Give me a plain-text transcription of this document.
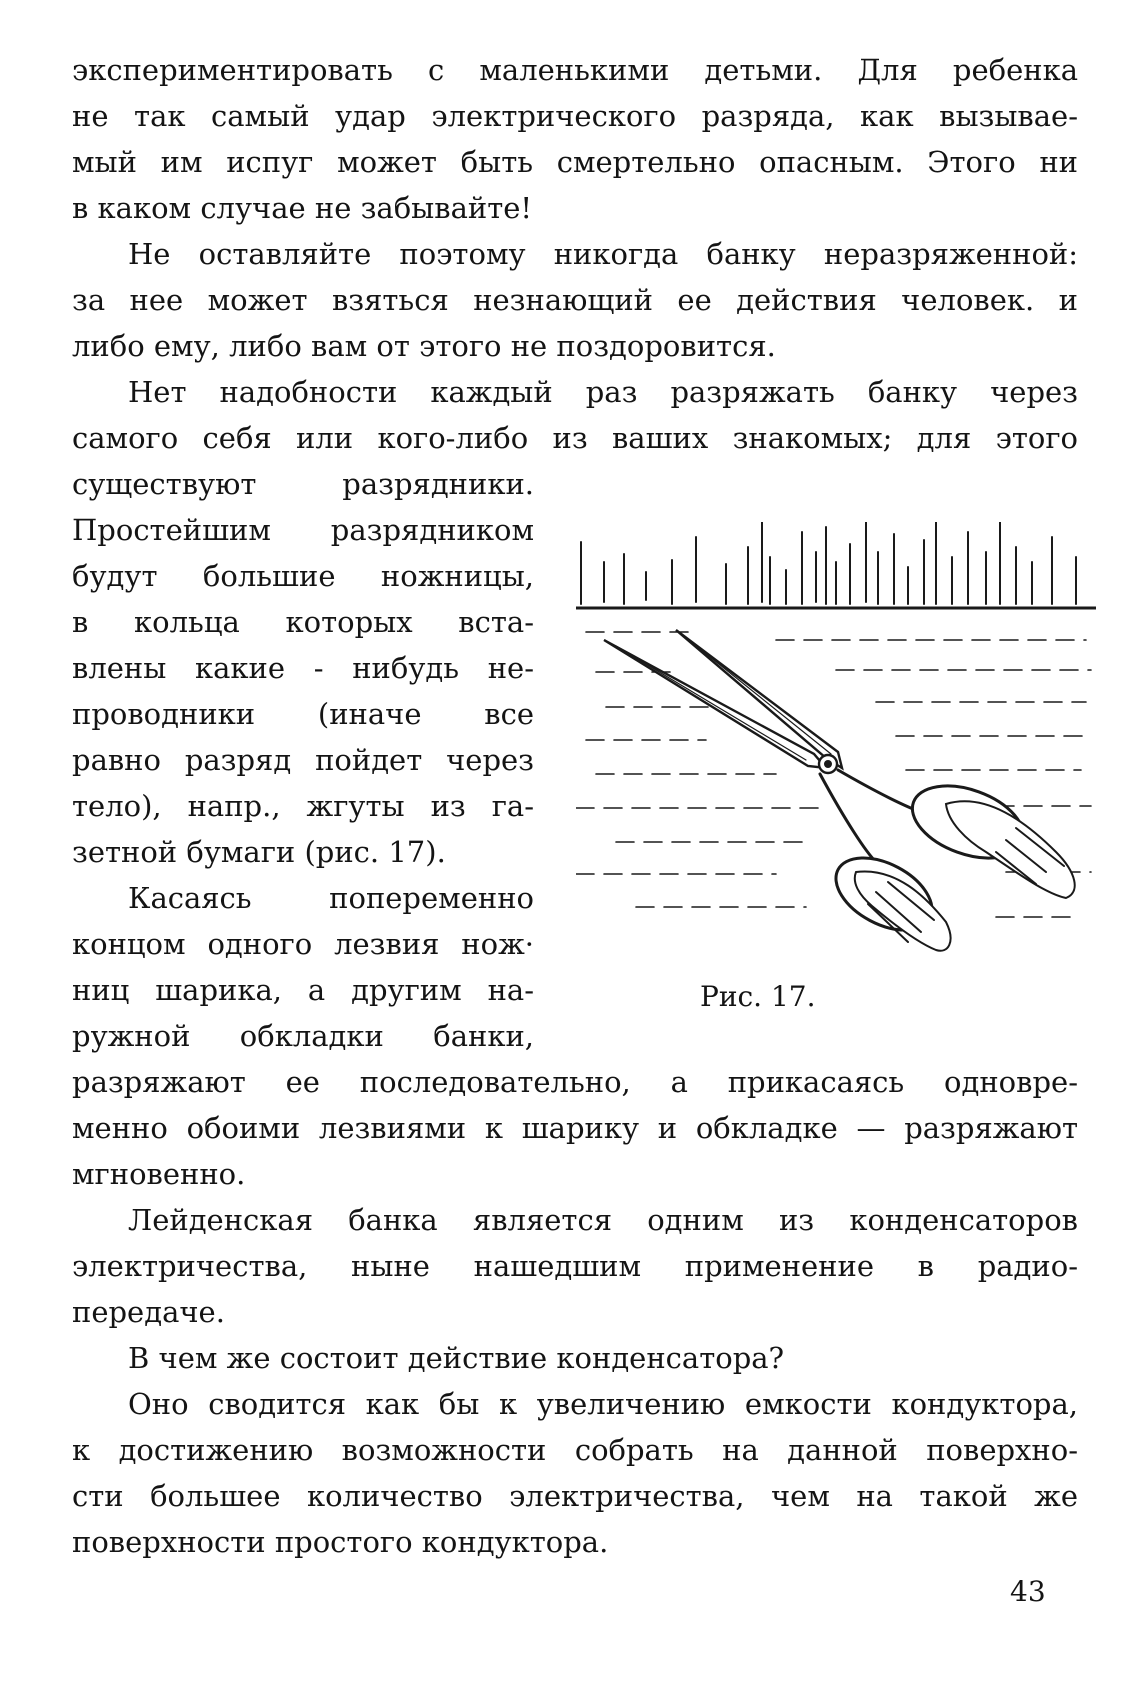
экспериментировать с маленькими детьми. Для ребенка

не так самый удар электрического разряда, как вызывае-

мый им испуг может быть смертельно опасным. Этого ни

в каком случае не забывайте!

Не оставляйте поэтому никогда банку неразряженной:

за нее может взяться незнающий ее действия человек. и

либо ему, либо вам от этого не поздоровится.

Нет надобности каждый раз разряжать банку через

самого себя или кого-либо из ваших знакомых; для этого

существуют разрядники.

Простейшим разрядником

будут большие ножницы,

в кольца которых вста-

влены какие - нибудь не-

проводники (иначе все

равно разряд пойдет через

тело), напр., жгуты из га-

зетной бумаги (рис. 17).

Касаясь попеременно

концом одного лезвия нож·

ниц шарика, а другим на-

ружной обкладки банки,

разряжают ее последовательно, а прикасаясь одновре-

менно обоими лезвиями к шарику и обкладке — разряжают

мгновенно.

Лейденская банка является одним из конденсаторов

электричества, ныне нашедшим применение в радио-

передаче.

В чем же состоит действие конденсатора?

Оно сводится как бы к увеличению емкости кондуктора,

к достижению возможности собрать на данной поверхно-

сти большее количество электричества, чем на такой же

поверхности простого кондуктора.

Рис. 17.
43
